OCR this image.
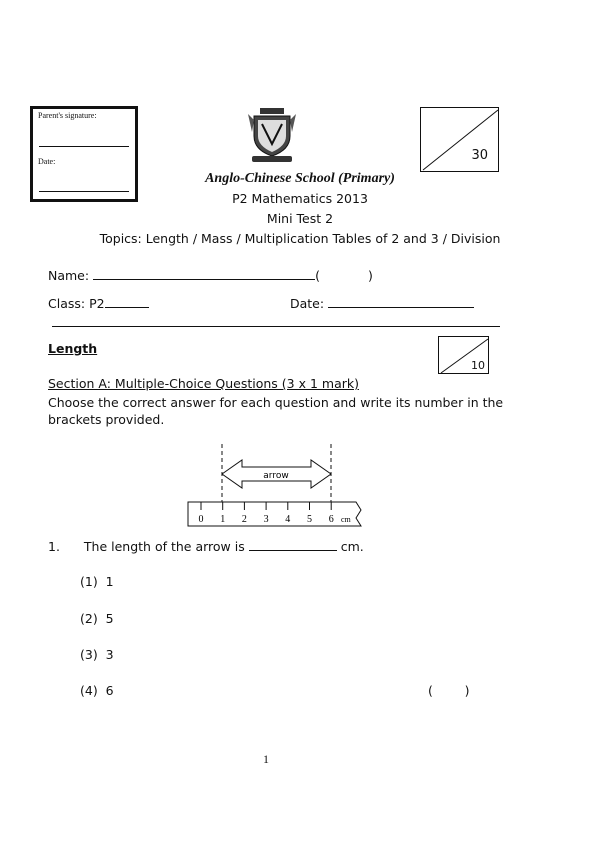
Parent's signature:
Date:	30
Anglo-Chinese School (Primary)
P2 Mathematics 2013
Mini Test 2
Topics: Length / Mass / Multiplication Tables of 2 and 3 / Division
Name:	(	)
Class: P2	Date:
Length
10
Section A: Multiple-Choice Questions (3 x 1 mark)
Choose the correct answer for each question and write its number in the brackets provided.
arrow
0 1 2 3 4 5 6 cm
1. The length of the arrow is	cm.
(1) 1
(2) 5
(3) 3
(4) 6	(        )
1
